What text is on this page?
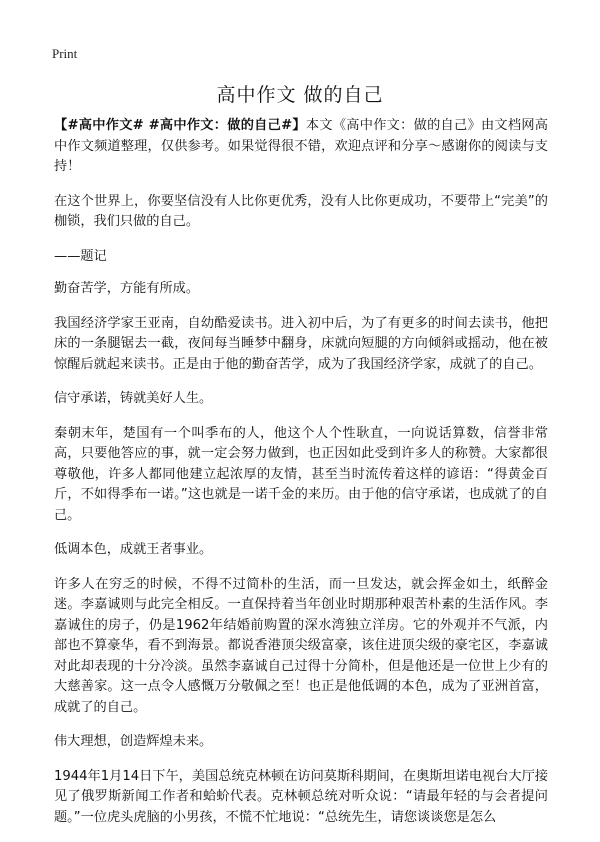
Print
高中作文 做的自己

【#高中作文# #高中作文：做的自己#】本文《高中作文：做的自己》由文档网高中作文频道整理，仅供参考。如果觉得很不错，欢迎点评和分享～感谢你的阅读与支持！

在这个世界上，你要坚信没有人比你更优秀，没有人比你更成功，不要带上“完美”的枷锁，我们只做的自己。

——题记

勤奋苦学，方能有所成。

我国经济学家王亚南，自幼酷爱读书。进入初中后，为了有更多的时间去读书，他把床的一条腿锯去一截，夜间每当睡梦中翻身，床就向短腿的方向倾斜或摇动，他在被惊醒后就起来读书。正是由于他的勤奋苦学，成为了我国经济学家，成就了的自己。

信守承诺，铸就美好人生。

秦朝末年，楚国有一个叫季布的人，他这个人个性耿直，一向说话算数，信誉非常高，只要他答应的事，就一定会努力做到，也正因如此受到许多人的称赞。大家都很尊敬他，许多人都同他建立起浓厚的友情，甚至当时流传着这样的谚语：“得黄金百斤，不如得季布一诺。”这也就是一诺千金的来历。由于他的信守承诺，也成就了的自己。

低调本色，成就王者事业。

许多人在穷乏的时候，不得不过简朴的生活，而一旦发达，就会挥金如土，纸醉金迷。李嘉诚则与此完全相反。一直保持着当年创业时期那种艰苦朴素的生活作风。李嘉诚住的房子，仍是1962年结婚前购置的深水湾独立洋房。它的外观并不气派，内部也不算豪华，看不到海景。都说香港顶尖级富豪，该住进顶尖级的豪宅区，李嘉诚对此却表现的十分冷淡。虽然李嘉诚自己过得十分简朴，但是他还是一位世上少有的大慈善家。这一点令人感慨万分敬佩之至！也正是他低调的本色，成为了亚洲首富，成就了的自己。

伟大理想，创造辉煌未来。

1944年1月14日下午，美国总统克林顿在访问莫斯科期间，在奥斯坦诺电视台大厅接见了俄罗斯新闻工作者和蛤蚧代表。克林顿总统对听众说：“请最年轻的与会者提问题。”一位虎头虎脑的小男孩，不慌不忙地说：“总统先生，请您谈谈您是怎么
